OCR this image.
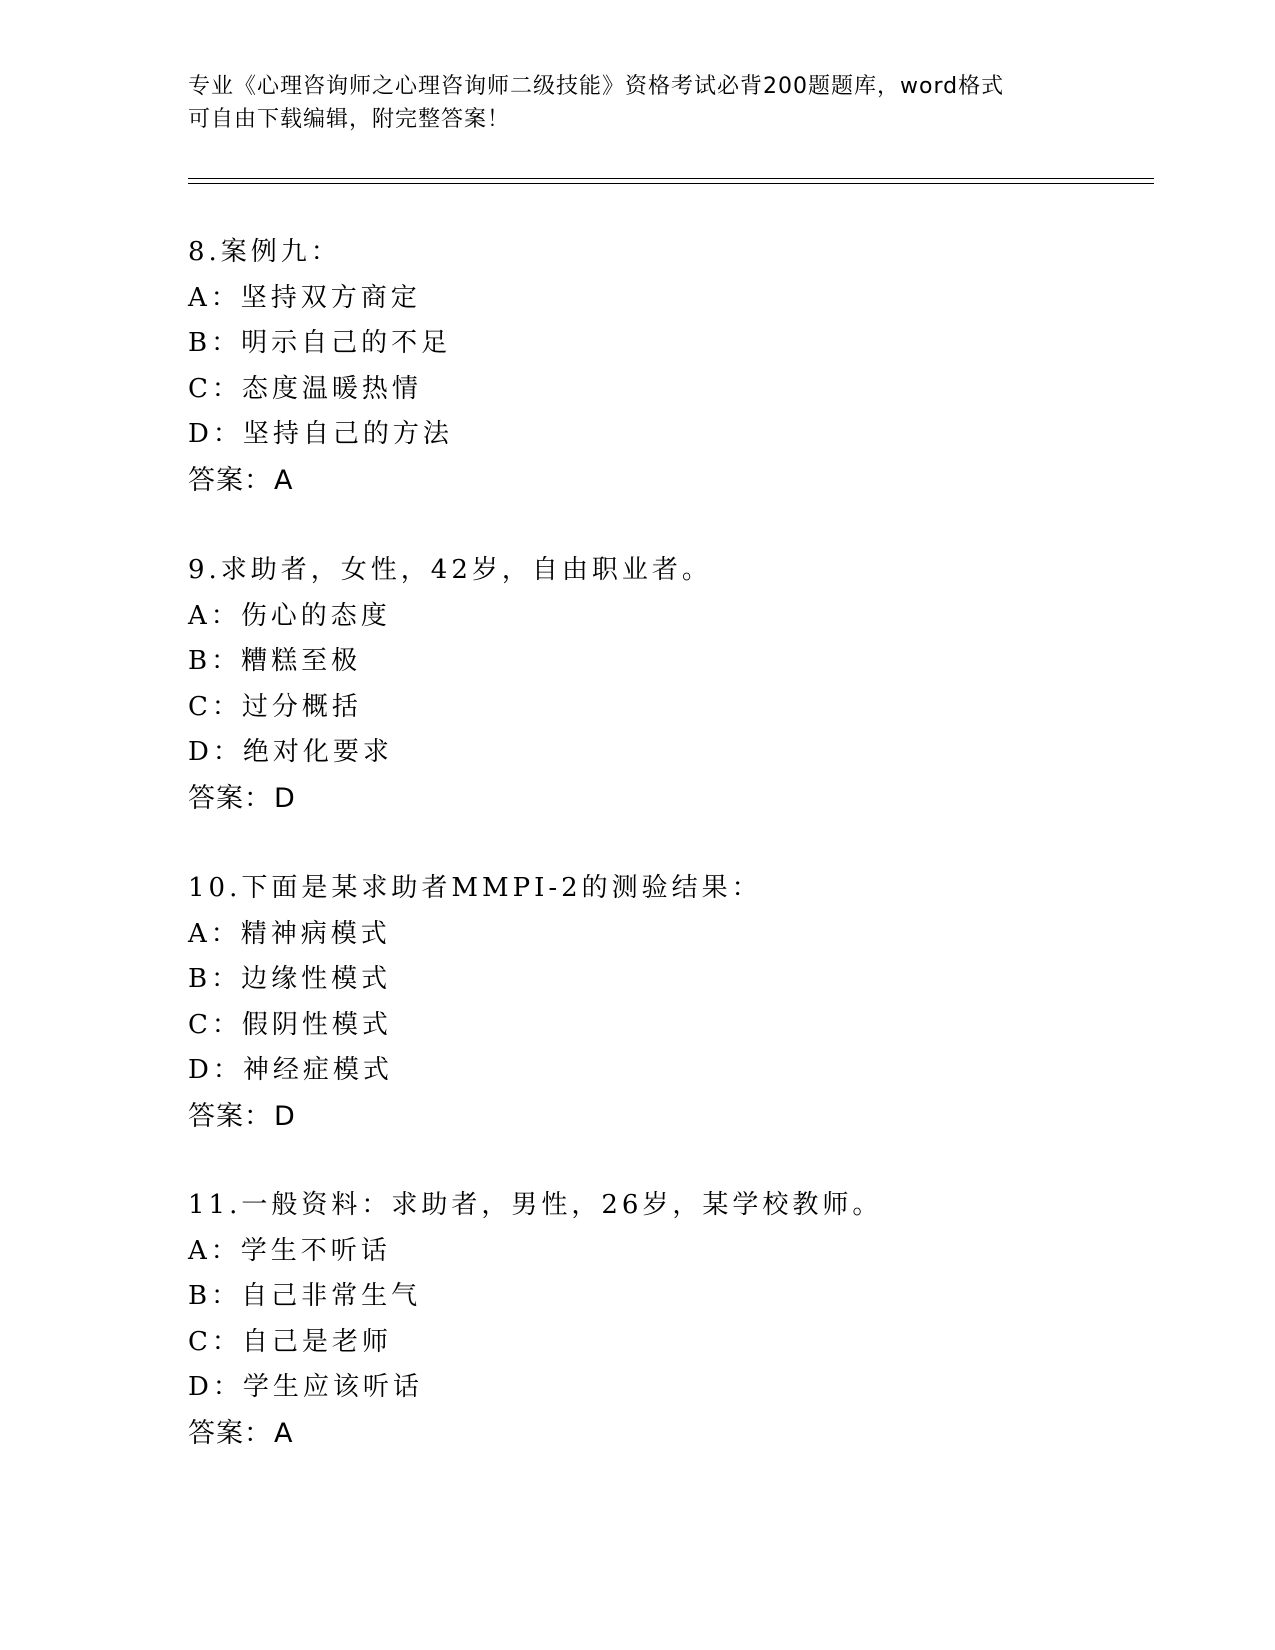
专业《心理咨询师之心理咨询师二级技能》资格考试必背200题题库，word格式
可自由下载编辑，附完整答案！
8.案例九：
A：坚持双方商定
B：明示自己的不足
C：态度温暖热情
D：坚持自己的方法
答案：A
9.求助者，女性，42岁，自由职业者。
A：伤心的态度
B：糟糕至极
C：过分概括
D：绝对化要求
答案：D
10.下面是某求助者MMPI-2的测验结果：
A：精神病模式
B：边缘性模式
C：假阴性模式
D：神经症模式
答案：D
11.一般资料：求助者，男性，26岁，某学校教师。
A：学生不听话
B：自己非常生气
C：自己是老师
D：学生应该听话
答案：A
